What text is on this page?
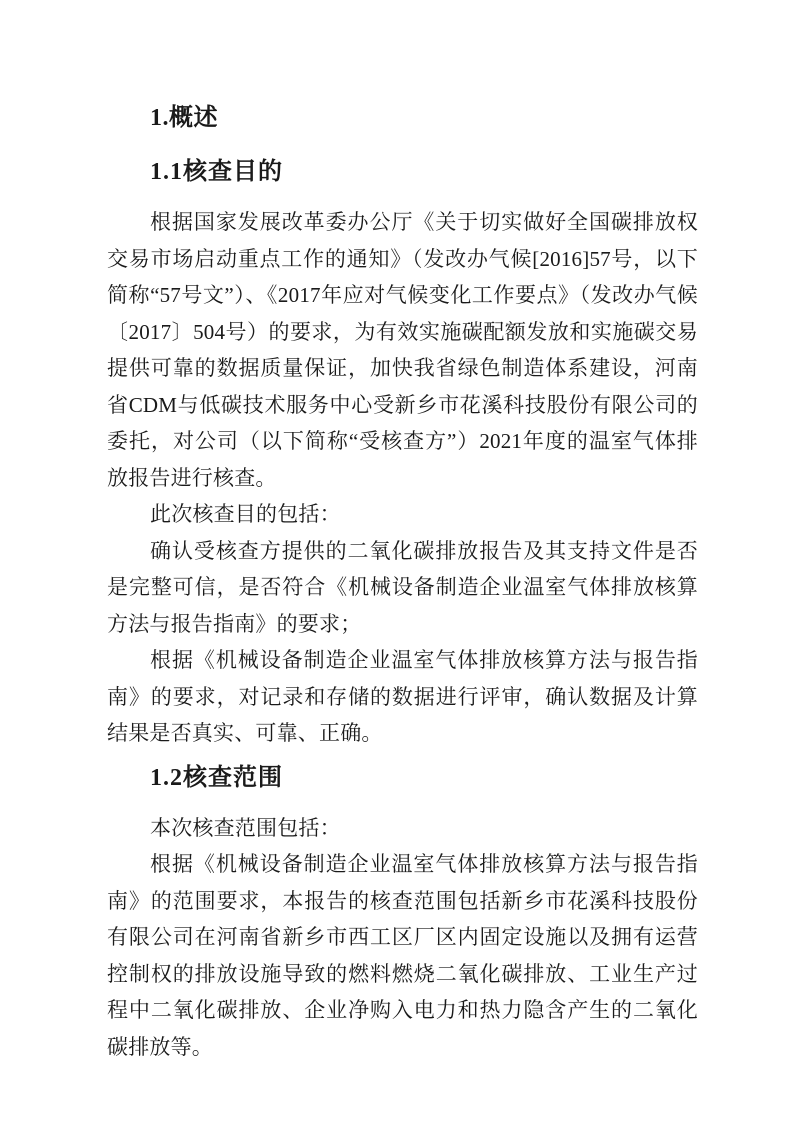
1.概述
1.1核查目的

根据国家发展改革委办公厅《关于切实做好全国碳排放权交易市场启动重点工作的通知》（发改办气候[2016]57号，以下简称“57号文”）、《2017年应对气候变化工作要点》（发改办气候〔2017〕504号）的要求，为有效实施碳配额发放和实施碳交易提供可靠的数据质量保证，加快我省绿色制造体系建设，河南省CDM与低碳技术服务中心受新乡市花溪科技股份有限公司的委托，对公司（以下简称“受核查方”）2021年度的温室气体排放报告进行核查。

此次核查目的包括：

确认受核查方提供的二氧化碳排放报告及其支持文件是否是完整可信，是否符合《机械设备制造企业温室气体排放核算方法与报告指南》的要求；

根据《机械设备制造企业温室气体排放核算方法与报告指南》的要求，对记录和存储的数据进行评审，确认数据及计算结果是否真实、可靠、正确。

1.2核查范围

本次核查范围包括：

根据《机械设备制造企业温室气体排放核算方法与报告指南》的范围要求，本报告的核查范围包括新乡市花溪科技股份有限公司在河南省新乡市西工区厂区内固定设施以及拥有运营控制权的排放设施导致的燃料燃烧二氧化碳排放、工业生产过程中二氧化碳排放、企业净购入电力和热力隐含产生的二氧化碳排放等。
